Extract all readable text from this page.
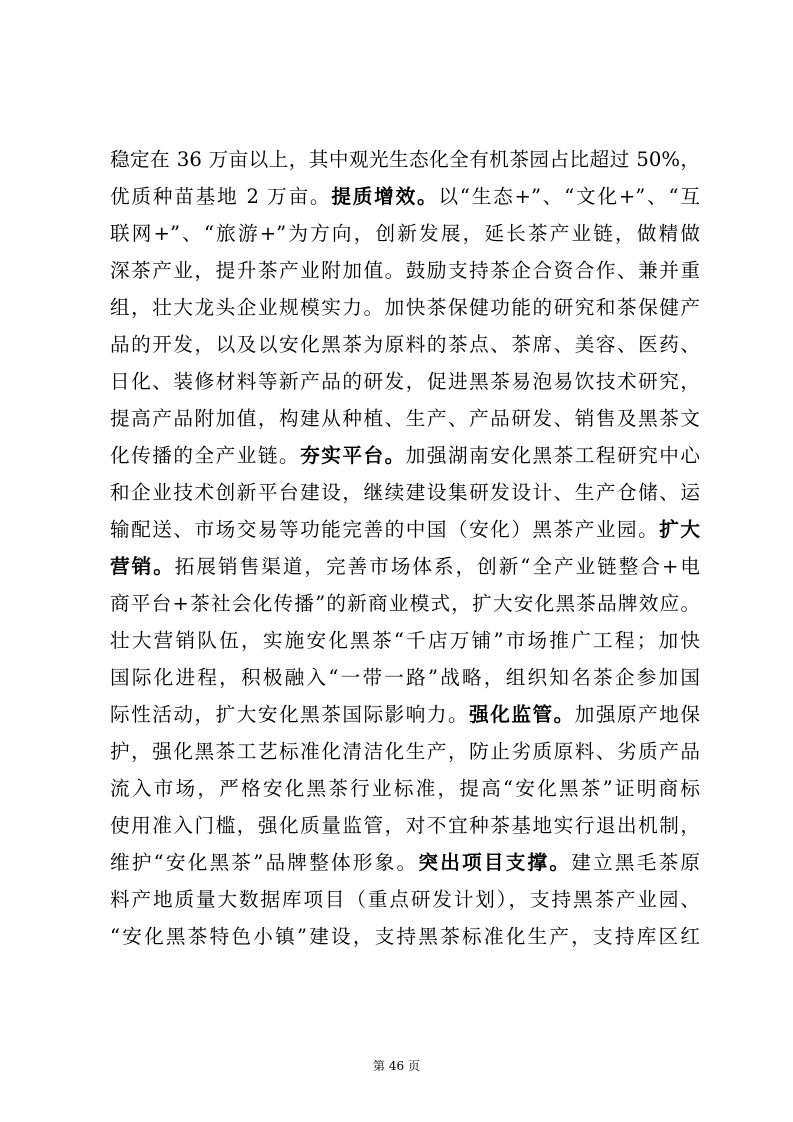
稳定在 36 万亩以上，其中观光生态化全有机茶园占比超过 50%，
优质种苗基地 2 万亩。提质增效。以“生态+”、“文化+”、“互
联网+”、“旅游+”为方向，创新发展，延长茶产业链，做精做
深茶产业，提升茶产业附加值。鼓励支持茶企合资合作、兼并重
组，壮大龙头企业规模实力。加快茶保健功能的研究和茶保健产
品的开发，以及以安化黑茶为原料的茶点、茶席、美容、医药、
日化、装修材料等新产品的研发，促进黑茶易泡易饮技术研究，
提高产品附加值，构建从种植、生产、产品研发、销售及黑茶文
化传播的全产业链。夯实平台。加强湖南安化黑茶工程研究中心
和企业技术创新平台建设，继续建设集研发设计、生产仓储、运
输配送、市场交易等功能完善的中国（安化）黑茶产业园。扩大
营销。拓展销售渠道，完善市场体系，创新“全产业链整合+电
商平台+茶社会化传播”的新商业模式，扩大安化黑茶品牌效应。
壮大营销队伍，实施安化黑茶“千店万铺”市场推广工程；加快
国际化进程，积极融入“一带一路”战略，组织知名茶企参加国
际性活动，扩大安化黑茶国际影响力。强化监管。加强原产地保
护，强化黑茶工艺标准化清洁化生产，防止劣质原料、劣质产品
流入市场，严格安化黑茶行业标准，提高“安化黑茶”证明商标
使用准入门槛，强化质量监管，对不宜种茶基地实行退出机制，
维护“安化黑茶”品牌整体形象。突出项目支撑。建立黑毛茶原
料产地质量大数据库项目（重点研发计划），支持黑茶产业园、
“安化黑茶特色小镇”建设，支持黑茶标准化生产，支持库区红
第 46 页
